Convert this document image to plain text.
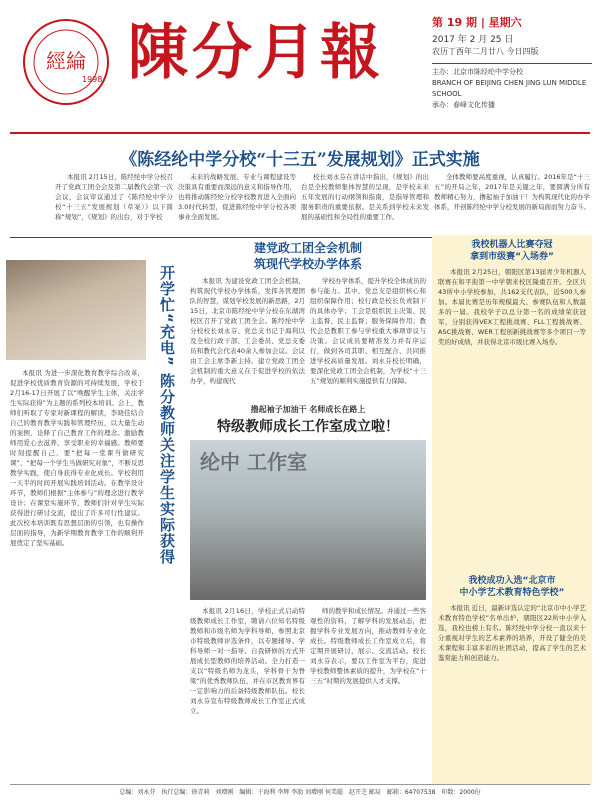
經綸
1998 陳分月報	第 19 期 | 星期六
2017 年 2 月 25 日
农历丁酉年二月廿八 今日四版
主办：北京市陈经纶中学分校
BRANCH OF BEIJING CHEN JING LUN MIDDLE SCHOOL
承办：春峰文化传播
《陈经纶中学分校“十三五”发展规划》正式实施

本报讯 2月15日，陈经纶中学分校召开了党政工团全会及第二届教代会第一次会议，会议审议通过了《陈经纶中学分校“十三五”发展规划（草案）》以下简称“规划”，《规划》的出台，对于学校

未来的战略发展、专业与课程建设等决策具有重要而深远的意义和指导作用，也将推动陈经纶分校学校教育进入全面向3.0时代转型，促进陈经纶中学分校各项事业全面发展。

校长刘永芬在讲话中指出，《规划》的出台是全校教师集体智慧的呈现，是学校未来五年发展的行动纲领和指南，是指导管理和服务职责的重要依据。是关系到学校未来发展的基础性和全局性的重要工作。

全体教师要高度重视，认真履行。2016年是“十三五”的开局之年，2017年是关键之年，要圆满分所有教师精心努力，撸起袖子加油干！为构筑现代化的办学体系，开创陈经纶中学分校发展的新局面而努力奋斗。

开学忙“充电” 陈分教师关注学生实际获得

本报讯 为进一步深化教育教学综合改革，促进学校优质教育资源的可持续发展，学校于2月16-17日开展了以“唤醒学生主体，关注学生实际获得”为主题的系列校本培训。会上，教师们听取了专家对新课程的解读，李晓佳结合自己的教育教学实践和管理经历，以大量生动的案例，诠释了自己教育工作的理念。激励教师用爱心去滋养、享受职业的幸福感。教师要时刻提醒自己，要“把每一堂课当做研究课”、“把每一个学生当做研究对象”，不断反思教学实践，使自身获得专业化成长。学校利用一天半的时间开展实践培训活动。在教学设计环节，教师们根据“主体参与”的理念进行教学设计；在课堂实施环节，教师们针对学生实际获得进行研讨交流，提出了许多可行性建议。此次校本培训既有思想层面的引领，也有操作层面的指导，为新学期教育教学工作的顺利开展奠定了坚实基础。

建党政工团全会机制
筑现代学校办学体系

本报讯 为建设党政工团全会机制，构筑现代学校办学体系，发挥各管理团队的智慧，谋划学校发展的新思路，2月15日，北京市陈经纶中学分校在东湖湾校区召开了党政工团全会。陈经纶中学分校校长刘永芬、党总支书记于海利以及全校行政干部、工会委员、党总支委员和教代会代表40余人参加会议。会议由工会主席李新主持。建立党政工团全会机制的重大意义在于促进学校的依法办学，构建现代

学校办学体系，提升学校全体成员的参与能力。其中，党总支是组织核心和组织保障作用；校行政是校长负责制下的具体办学；工会是组织民主决策、民主监督、民主监督；服务保障作用；教代会是教职工参与学校重大事项审议与决策。会议成员要精准发力并有序运行，做到各司其职、相互配合、共同推进学校高质量发展。刘永芬校长明确，要深化党政工团全会机制，为学校“十三五”规划的顺利实施提供有力保障。

撸起袖子加油干 名师成长在路上
特级教师成长工作室成立啦！
纶中 工作室

本报讯 2月16日，学校正式启动特级教师成长工作室，聘请六位知名特级教师和市级名师为学科导师，参照北京市特级教师评选条件，以专题辅导、学科导师一对一指导、自我研修的方式开展成长型教师的培养活动。全力打造一支以“特级名师为龙头，学科骨干为脊梁”的优秀教师队伍，并在市区教育界有一定影响力的后备特级教师队伍。校长刘永芬宣布特级教师成长工作室正式成立。

师的教学和成长情况。并通过一些客观性的资料，了解学科的发展动态，把握学科专业发展方向，推动教师专业化成长。特级教师成长工作室成立后，将定期开展研讨、展示、交流活动。校长刘永芬表示，要以工作室为平台，促进学校教师整体素质的提升，为学校在“十三五”时期的发展提供人才支撑。

我校机器人比赛夺冠
拿到市级赛“入场券”

本报讯 2月25日，朝阳区第13届青少年机器人联赛在和平街第一中学朝来校区隆重召开。全区共43所中小学校参加，共162支代表队，近500人参加。本届比赛是历年规模最大、参赛队伍和人数最多的一届。我校学子以总分第一名的成绩荣获冠军，分别获得VEX工程挑战赛、FLL工程挑战赛、ASC挑战赛、WER工程创新挑战赛等多个项目一等奖的好成绩，并获得北京市级比赛入场券。

我校成功入选“北京市
中小学艺术教育特色学校”

本报讯 近日，最新评选认定的“北京市中小学艺术教育特色学校”名单出炉，朝阳区22所中小学入选，我校也榜上有名。陈经纶中学分校一直以来十分重视对学生的艺术素养的培养，开设了健全的美术课程和丰富多彩的社团活动，提高了学生的艺术鉴赏能力和创造能力。

总编：刘永芬　执行总编：徐青莉　刘增刚　编辑：于海利 李辉 李助 刘增刚 何美聪　赵开芝 邮局　邮箱：64707538　印数：2000份
